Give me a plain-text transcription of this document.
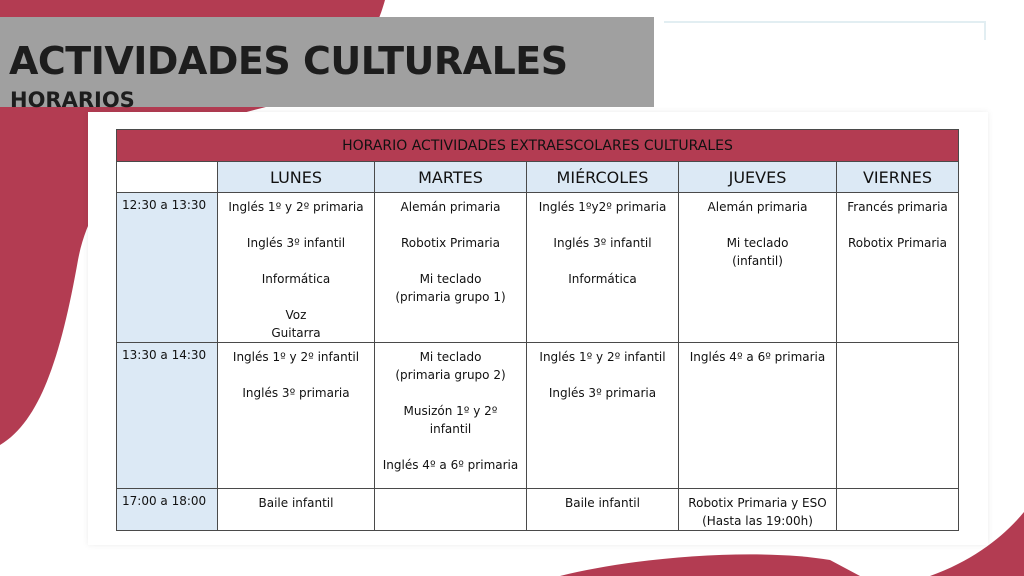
ACTIVIDADES CULTURALES
HORARIOS
HORARIO ACTIVIDADES EXTRAESCOLARES CULTURALES					
	LUNES	MARTES	MIÉRCOLES	JUEVES	VIERNES
12:30 a 13:30	Inglés 1º y 2º primaria
Inglés 3º infantil
Informática
Voz
Guitarra	Alemán primaria
Robotix Primaria
Mi teclado
(primaria grupo 1)	Inglés 1ºy2º primaria
Inglés 3º infantil
Informática	Alemán primaria
Mi teclado
(infantil)	Francés primaria
Robotix Primaria

13:30 a 14:30	Inglés 1º y 2º infantil
Inglés 3º primaria	Mi teclado
(primaria grupo 2)
Musizón 1º y 2º
infantil
Inglés 4º a 6º primaria	Inglés 1º y 2º infantil
Inglés 3º primaria	Inglés 4º a 6º primaria	

17:00 a 18:00	Baile infantil		Baile infantil	Robotix Primaria y ESO
(Hasta las 19:00h)	
